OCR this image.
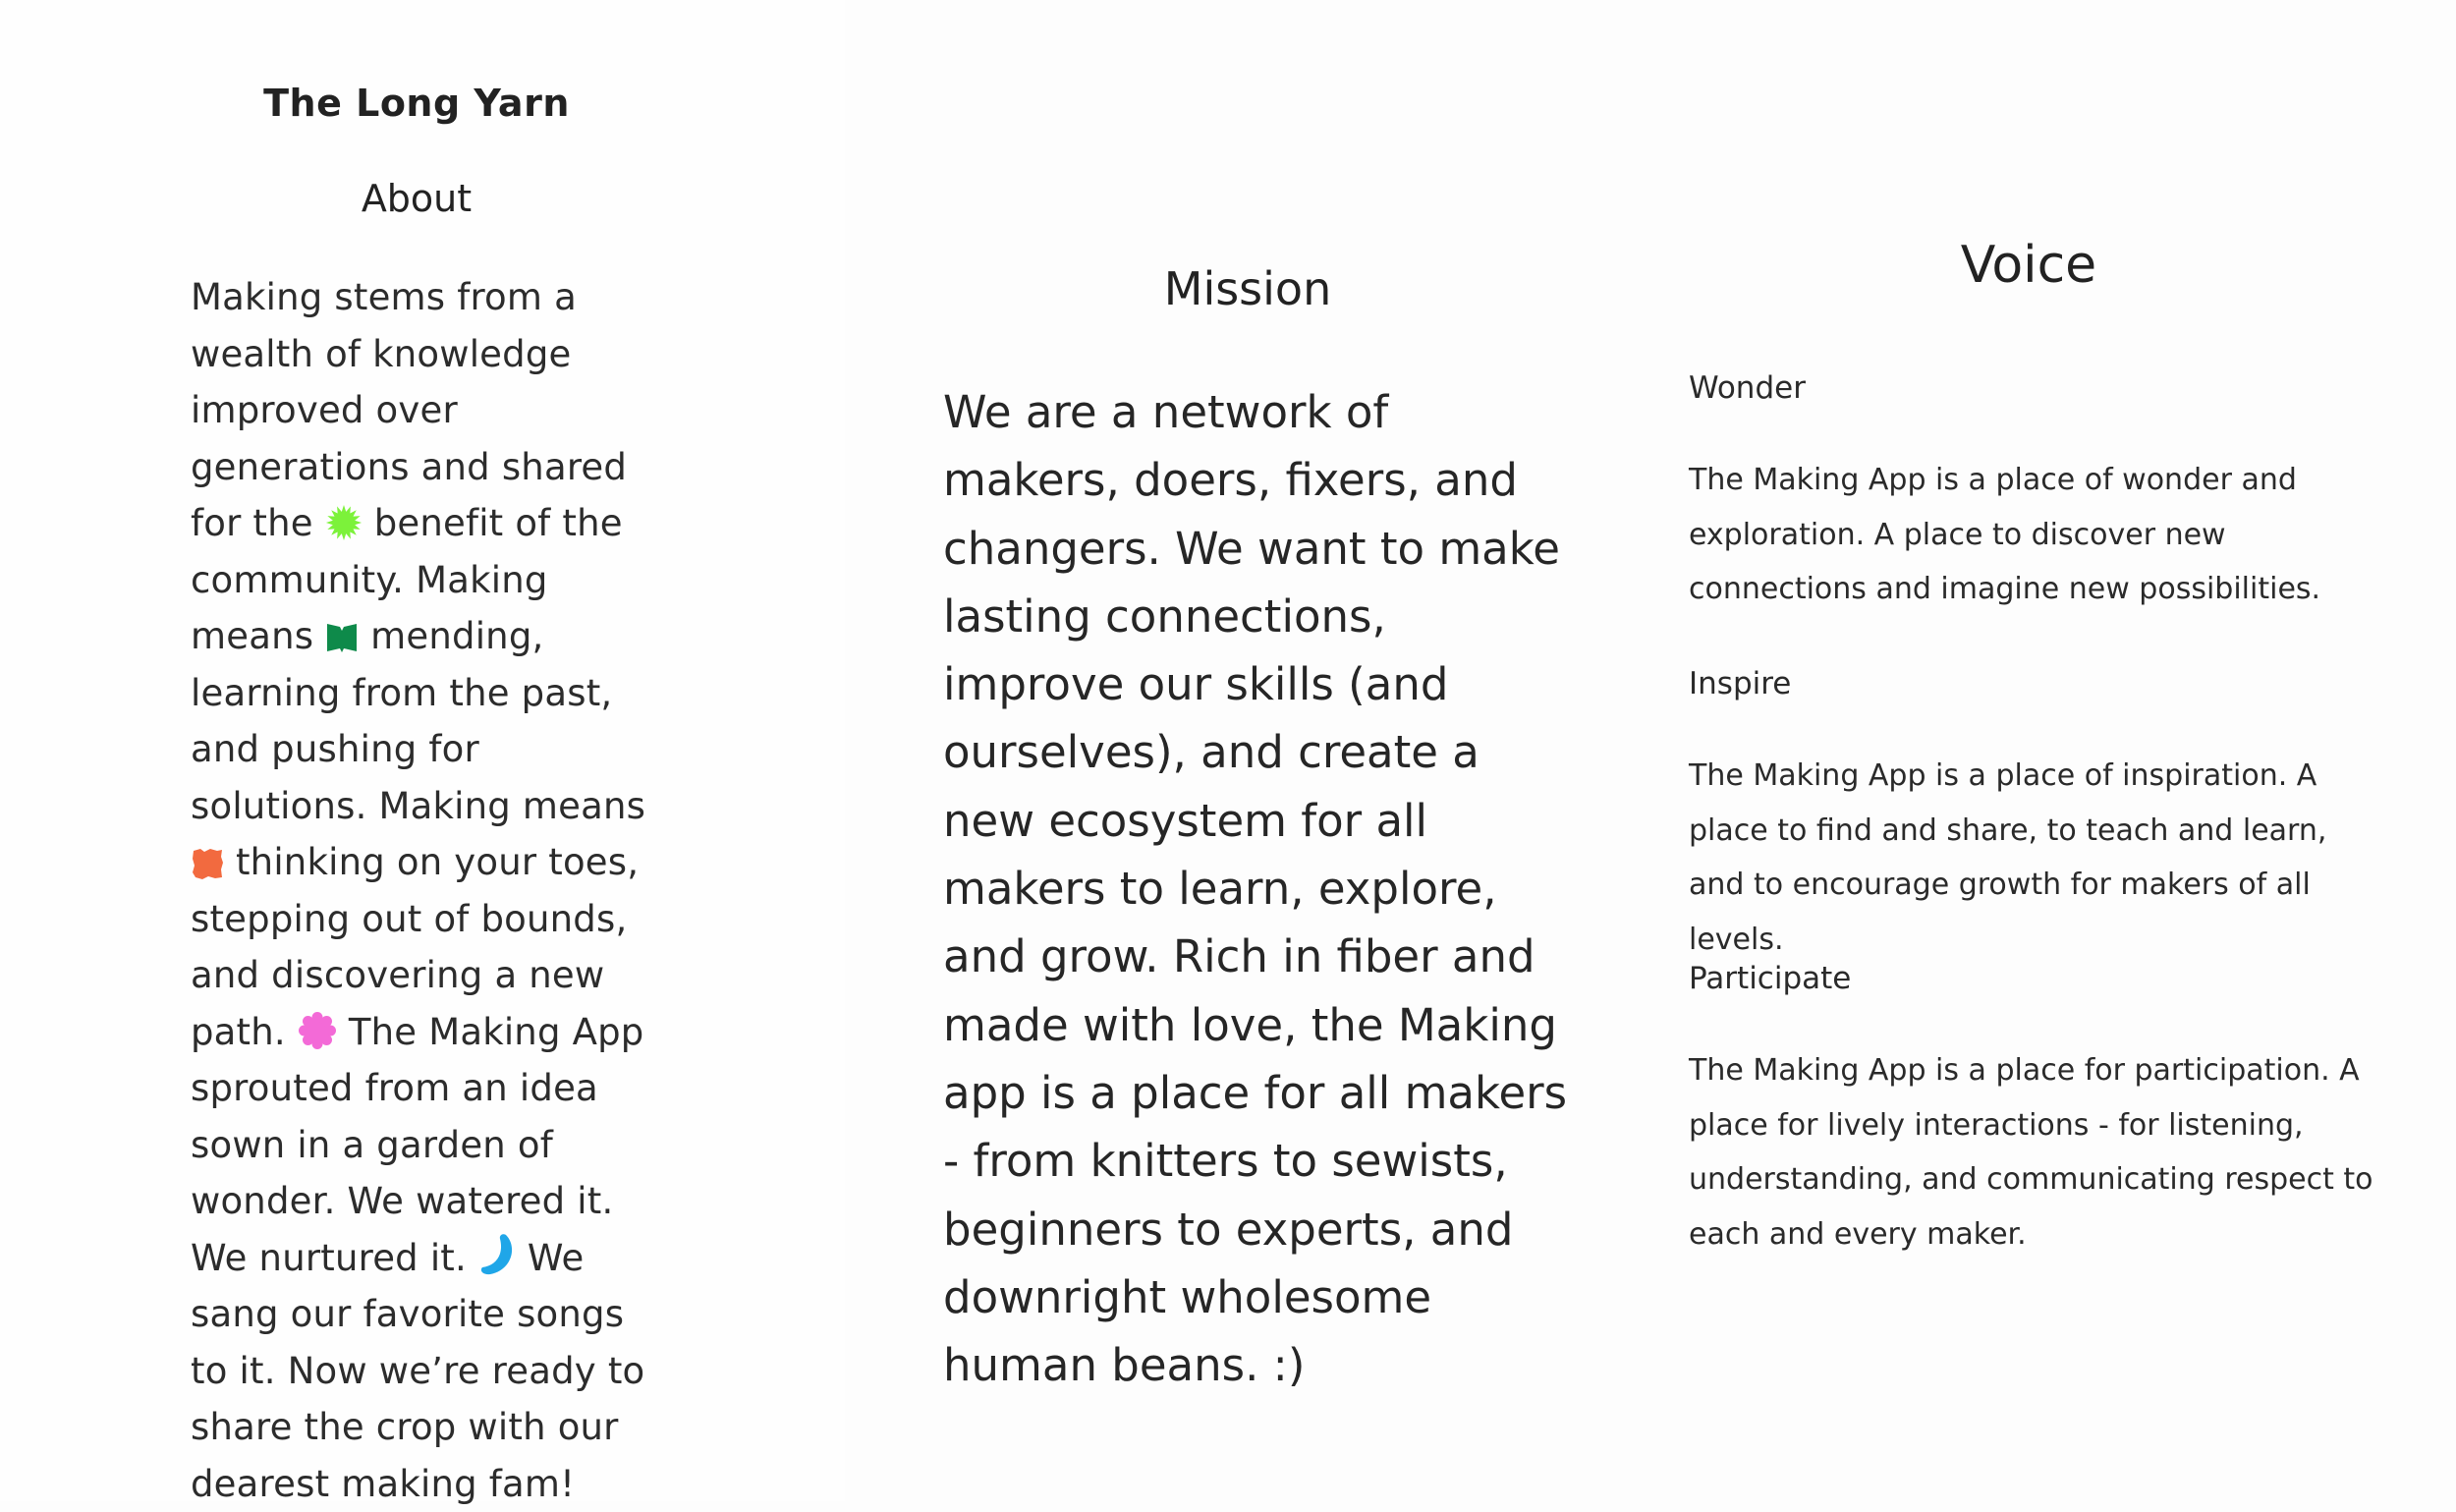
The Long Yarn
About
Making stems from a wealth of knowledge improved over generations and shared for the benefit of the community. Making means mending, learning from the past, and pushing for solutions. Making means
thinking on your toes, stepping out of bounds, and discovering a new path. The Making App sprouted from an idea sown in a garden of wonder. We watered it. We nurtured it. We sang our favorite songs to it. Now we’re ready to share the crop with our dearest making fam!
Mission
We are a network of makers, doers, fixers, and changers. We want to make lasting connections, improve our skills (and ourselves), and create a new ecosystem for all makers to learn, explore, and grow. Rich in fiber and made with love, the Making app is a place for all makers - from knitters to sewists, beginners to experts, and downright wholesome human beans. :)
Voice

Wonder

The Making App is a place of wonder and exploration. A place to discover new connections and imagine new possibilities.

Inspire

The Making App is a place of inspiration. A place to find and share, to teach and learn, and to encourage growth for makers of all levels.

Participate

The Making App is a place for participation. A place for lively interactions - for listening, understanding, and communicating respect to each and every maker.
